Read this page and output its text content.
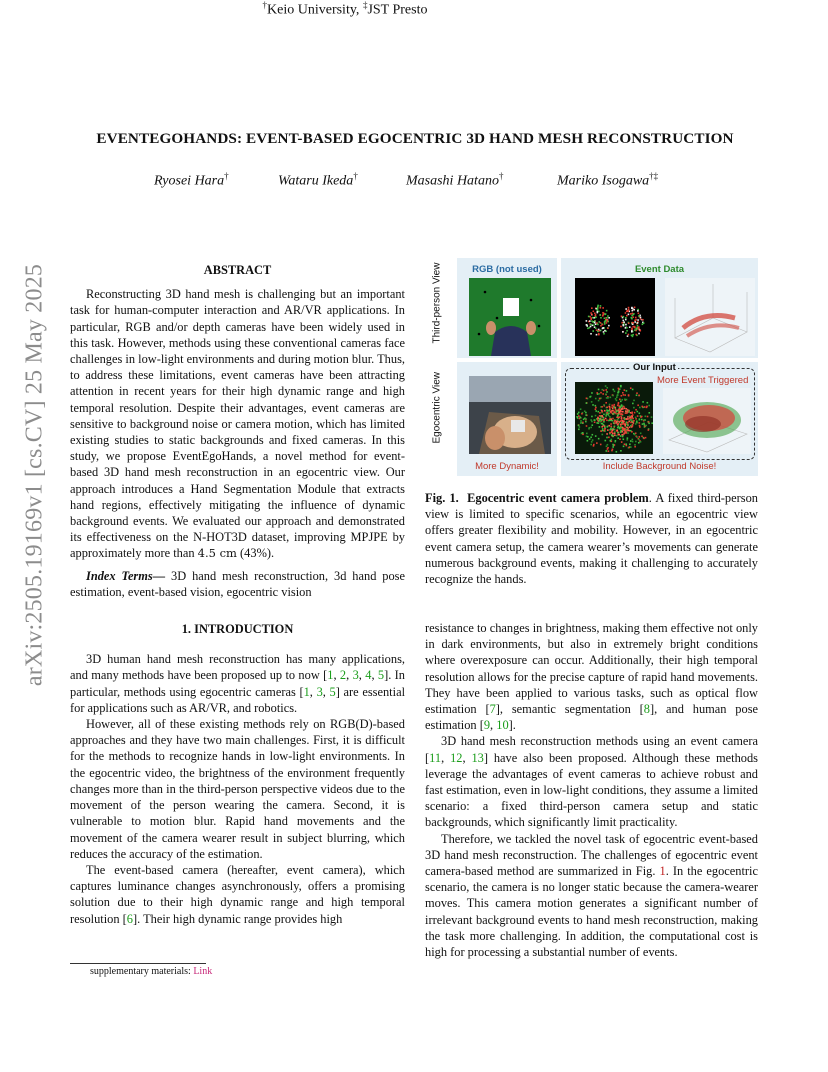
arXiv:2505.19169v1 [cs.CV] 25 May 2025
EVENTEGOHANDS: EVENT-BASED EGOCENTRIC 3D HAND MESH RECONSTRUCTION
Ryosei Hara†	Wataru Ikeda†	Masashi Hatano†	Mariko Isogawa†‡
†Keio University, ‡JST Presto

ABSTRACT

Reconstructing 3D hand mesh is challenging but an important task for human-computer interaction and AR/VR applications. In particular, RGB and/or depth cameras have been widely used in this task. However, methods using these conventional cameras face challenges in low-light environments and during motion blur. Thus, to address these limitations, event cameras have been attracting attention in recent years for their high dynamic range and high temporal resolution. Despite their advantages, event cameras are sensitive to background noise or camera motion, which has limited existing studies to static backgrounds and fixed cameras. In this study, we propose EventEgoHands, a novel method for event-based 3D hand mesh reconstruction in an egocentric view. Our approach introduces a Hand Segmentation Module that extracts hand regions, effectively mitigating the influence of dynamic background events. We evaluated our approach and demonstrated its effectiveness on the N-HOT3D dataset, improving MPJPE by approximately more than 4.5 cm (43%).

Index Terms— 3D hand mesh reconstruction, 3d hand pose estimation, event-based vision, egocentric vision

1. INTRODUCTION

3D human hand mesh reconstruction has many applications, and many methods have been proposed up to now [1, 2, 3, 4, 5]. In particular, methods using egocentric cameras [1, 3, 5] are essential for applications such as AR/VR, and robotics.

However, all of these existing methods rely on RGB(D)-based approaches and they have two main challenges. First, it is difficult for the methods to recognize hands in low-light environments. In the egocentric video, the brightness of the environment frequently changes more than in the third-person perspective videos due to the movement of the person wearing the camera. Second, it is vulnerable to motion blur. Rapid hand movements and the movement of the camera wearer result in subject blurring, which reduces the accuracy of the estimation.

The event-based camera (hereafter, event camera), which captures luminance changes asynchronously, offers a promising solution due to their high dynamic range and high temporal resolution [6]. Their high dynamic range provides high

supplementary materials: Link
RGB (not used)	Event Data
Third-person View
Egocentric View
Our Input
More Event Triggered
More Dynamic!	Include Background Noise!
Fig. 1. Egocentric event camera problem. A fixed third-person view is limited to specific scenarios, while an egocentric view offers greater flexibility and mobility. However, in an egocentric event camera setup, the camera wearer’s movements can generate numerous background events, making it challenging to accurately recognize the hands.

resistance to changes in brightness, making them effective not only in dark environments, but also in extremely bright conditions where overexposure can occur. Additionally, their high temporal resolution allows for the precise capture of rapid hand movements. They have been applied to various tasks, such as optical flow estimation [7], semantic segmentation [8], and human pose estimation [9, 10].

3D hand mesh reconstruction methods using an event camera [11, 12, 13] have also been proposed. Although these methods leverage the advantages of event cameras to achieve robust and fast estimation, even in low-light conditions, they assume a limited scenario: a fixed third-person camera setup and static backgrounds, which significantly limit practicality.

Therefore, we tackled the novel task of egocentric event-based 3D hand mesh reconstruction. The challenges of egocentric event camera-based method are summarized in Fig. 1. In the egocentric scenario, the camera is no longer static because the camera-wearer moves. This camera motion generates a significant number of irrelevant background events to hand mesh reconstruction, making the task more challenging. In addition, the computational cost is high for processing a substantial number of events.
